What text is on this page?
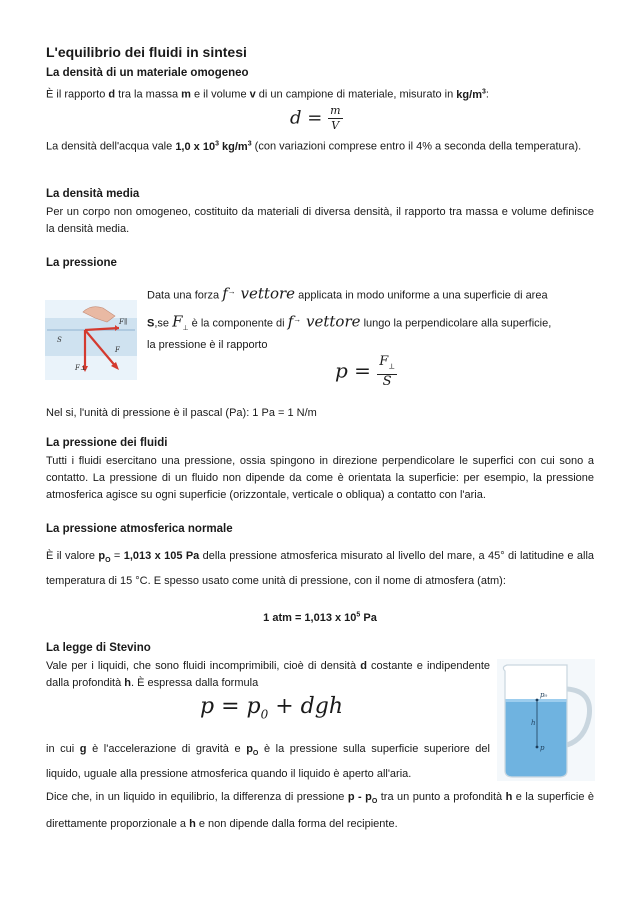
L'equilibrio dei fluidi in sintesi
La densità di un materiale omogeneo
È il rapporto d tra la massa m e il volume v di un campione di materiale, misurato in $kg/m^3$:
$d = \frac{m}{V}$
La densità dell'acqua vale 1,0 x $10^3$ $kg/m^3$ (con variazioni comprese entro il 4% a seconda della temperatura).
La densità media
Per un corpo non omogeneo, costituito da materiali di diversa densità, il rapporto tra massa e volume definisce la densità media.
La pressione
S
F∥
F
F⊥
Data una forza f→ vettore applicata in modo uniforme a una superficie di area
S,se $F_\perp$ è la componente di f→ vettore lungo la perpendicolare alla superficie,
la pressione è il rapporto
$p = \frac{F_\perp}{S}$
Nel si, l'unità di pressione è il pascal (Pa): 1 Pa = 1 N/m
La pressione dei fluidi
Tutti i fluidi esercitano una pressione, ossia spingono in direzione perpendicolare le superfici con cui sono a contatto. La pressione di un fluido non dipende da come è orientata la superficie: per esempio, la pressione atmosferica agisce su ogni superficie (orizzontale, verticale o obliqua) a contatto con l'aria.
La pressione atmosferica normale
È il valore $p_O = 1,013$ x 105 Pa della pressione atmosferica misurato al livello del mare, a 45° di latitudine e alla temperatura di 15 °C. E spesso usato come unità di pressione, con il nome di atmosfera (atm):
1 atm = 1,013 x $10^5$ Pa
La legge di Stevino
Vale per i liquidi, che sono fluidi incomprimibili, cioè di densità d costante e indipendente dalla profondità h. È espressa dalla formula
$p = p_0$ + dgh
in cui g è l'accelerazione di gravità e $p_O$ è la pressione sulla superficie superiore del liquido, uguale alla pressione atmosferica quando il liquido è aperto all'aria.
Dice che, in un liquido in equilibrio, la differenza di pressione p - $p_O$ tra un punto a profondità h e la superficie è direttamente proporzionale a h e non dipende dalla forma del recipiente.
p₀
h
p
